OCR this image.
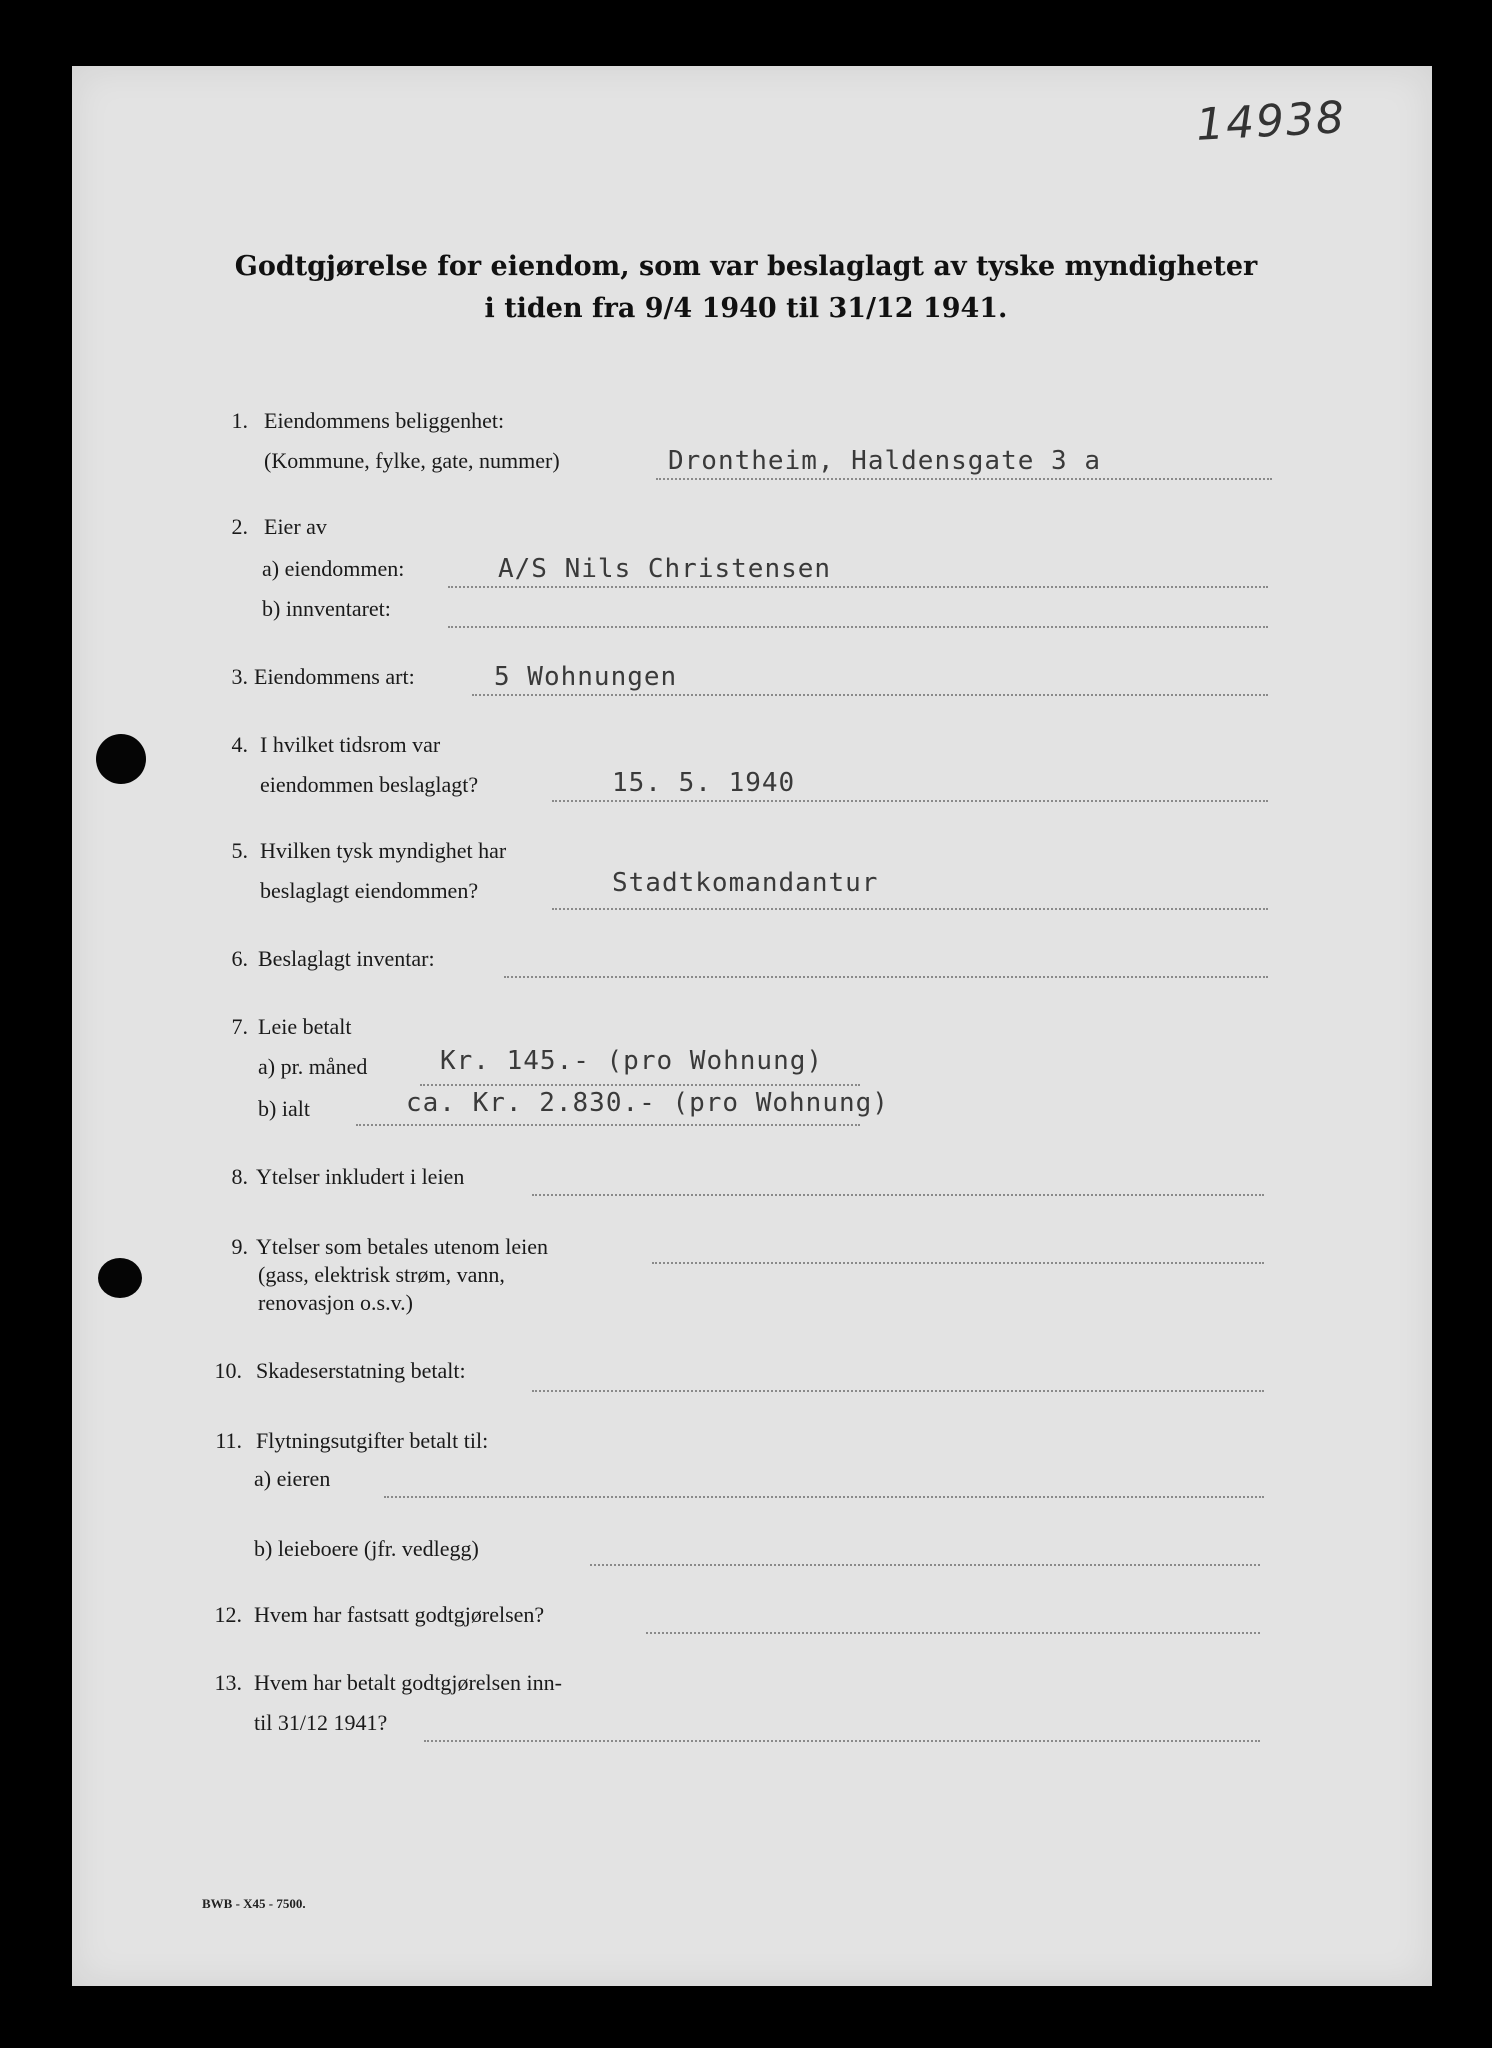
14938
Godtgjørelse for eiendom, som var beslaglagt av tyske myndigheter
i tiden fra 9/4 1940 til 31/12 1941.
1. Eiendommens beliggenhet:
(Kommune, fylke, gate, nummer)	Drontheim, Haldensgate 3 a
2. Eier av
a) eiendommen:	A/S Nils Christensen
b) innventaret:
3. Eiendommens art:	5 Wohnungen
4. I hvilket tidsrom var
eiendommen beslaglagt?	15. 5. 1940
5. Hvilken tysk myndighet har
beslaglagt eiendommen?	Stadtkomandantur
6. Beslaglagt inventar:
7. Leie betalt
a) pr. måned	Kr. 145.- (pro Wohnung)
b) ialt	ca. Kr. 2.830.- (pro Wohnung)
8. Ytelser inkludert i leien
9. Ytelser som betales utenom leien
(gass, elektrisk strøm, vann,
renovasjon o.s.v.)
10. Skadeserstatning betalt:
11. Flytningsutgifter betalt til:
a) eieren
b) leieboere (jfr. vedlegg)
12. Hvem har fastsatt godtgjørelsen?
13. Hvem har betalt godtgjørelsen inn-
til 31/12 1941?
BWB - X45 - 7500.
